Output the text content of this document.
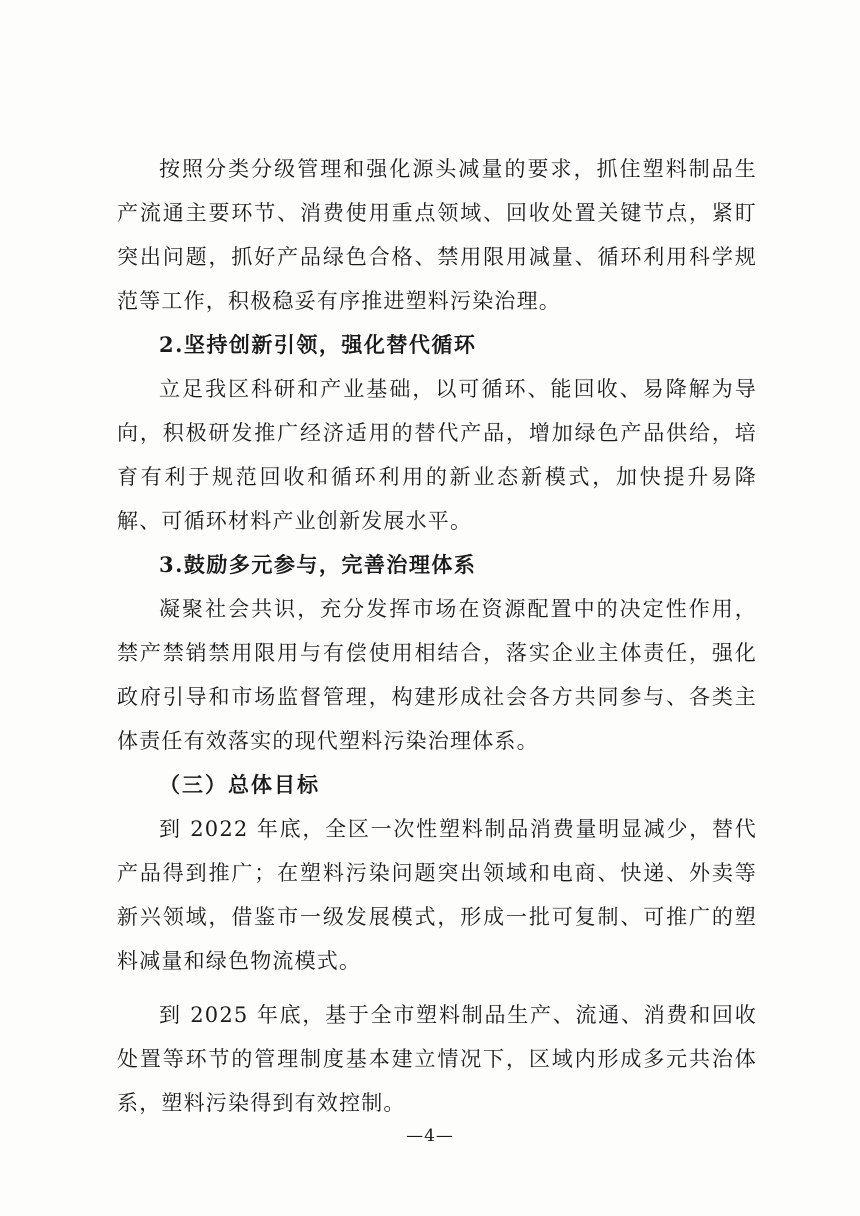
按照分类分级管理和强化源头减量的要求，抓住塑料制品生产流通主要环节、消费使用重点领域、回收处置关键节点，紧盯突出问题，抓好产品绿色合格、禁用限用减量、循环利用科学规范等工作，积极稳妥有序推进塑料污染治理。

2.坚持创新引领，强化替代循环

立足我区科研和产业基础，以可循环、能回收、易降解为导向，积极研发推广经济适用的替代产品，增加绿色产品供给，培育有利于规范回收和循环利用的新业态新模式，加快提升易降解、可循环材料产业创新发展水平。

3.鼓励多元参与，完善治理体系

凝聚社会共识，充分发挥市场在资源配置中的决定性作用，禁产禁销禁用限用与有偿使用相结合，落实企业主体责任，强化政府引导和市场监督管理，构建形成社会各方共同参与、各类主体责任有效落实的现代塑料污染治理体系。

（三）总体目标

到 2022 年底，全区一次性塑料制品消费量明显减少，替代产品得到推广；在塑料污染问题突出领域和电商、快递、外卖等新兴领域，借鉴市一级发展模式，形成一批可复制、可推广的塑料减量和绿色物流模式。

到 2025 年底，基于全市塑料制品生产、流通、消费和回收处置等环节的管理制度基本建立情况下，区域内形成多元共治体系，塑料污染得到有效控制。

—4—
